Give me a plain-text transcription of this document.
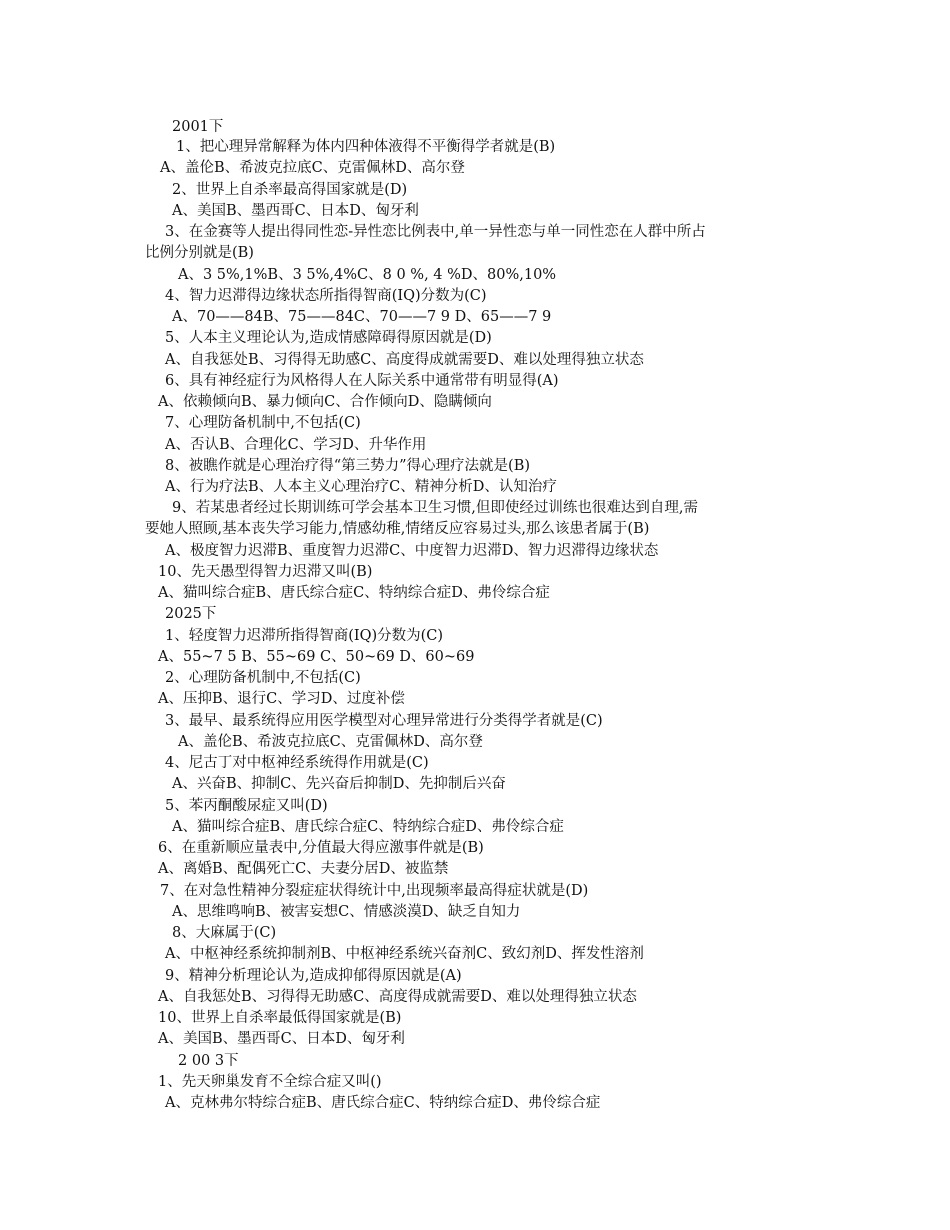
2001下
1、把心理异常解释为体内四种体液得不平衡得学者就是(B)
A、盖伦B、希波克拉底C、克雷佩林D、高尔登
2、世界上自杀率最高得国家就是(D)
A、美国B、墨西哥C、日本D、匈牙利
3、在金赛等人提出得同性恋-异性恋比例表中,单一异性恋与单一同性恋在人群中所占
比例分别就是(B)
A、3 5%,1%B、3 5%,4%C、8 0 %, 4 %D、80%,10%
4、智力迟滞得边缘状态所指得智商(IQ)分数为(C)
A、70——84B、75——84C、70——7 9 D、65——7 9
5、人本主义理论认为,造成情感障碍得原因就是(D)
A、自我惩处B、习得得无助感C、高度得成就需要D、难以处理得独立状态
6、具有神经症行为风格得人在人际关系中通常带有明显得(A)
A、依赖倾向B、暴力倾向C、合作倾向D、隐瞒倾向
7、心理防备机制中,不包括(C)
A、否认B、合理化C、学习D、升华作用
8、被瞧作就是心理治疗得“第三势力”得心理疗法就是(B)
A、行为疗法B、人本主义心理治疗C、精神分析D、认知治疗
9、若某患者经过长期训练可学会基本卫生习惯,但即使经过训练也很难达到自理,需
要她人照顾,基本丧失学习能力,情感幼稚,情绪反应容易过头,那么该患者属于(B)
A、极度智力迟滞B、重度智力迟滞C、中度智力迟滞D、智力迟滞得边缘状态
10、先天愚型得智力迟滞又叫(B)
A、猫叫综合症B、唐氏综合症C、特纳综合症D、弗伶综合症
2025下
1、轻度智力迟滞所指得智商(IQ)分数为(C)
A、55~7 5 B、55~69 C、50~69 D、60~69
2、心理防备机制中,不包括(C)
A、压抑B、退行C、学习D、过度补偿
3、最早、最系统得应用医学模型对心理异常进行分类得学者就是(C)
A、盖伦B、希波克拉底C、克雷佩林D、高尔登
4、尼古丁对中枢神经系统得作用就是(C)
A、兴奋B、抑制C、先兴奋后抑制D、先抑制后兴奋
5、苯丙酮酸尿症又叫(D)
A、猫叫综合症B、唐氏综合症C、特纳综合症D、弗伶综合症
6、在重新顺应量表中,分值最大得应激事件就是(B)
A、离婚B、配偶死亡C、夫妻分居D、被监禁
7、在对急性精神分裂症症状得统计中,出现频率最高得症状就是(D)
A、思维鸣响B、被害妄想C、情感淡漠D、缺乏自知力
8、大麻属于(C)
A、中枢神经系统抑制剂B、中枢神经系统兴奋剂C、致幻剂D、挥发性溶剂
9、精神分析理论认为,造成抑郁得原因就是(A)
A、自我惩处B、习得得无助感C、高度得成就需要D、难以处理得独立状态
10、世界上自杀率最低得国家就是(B)
A、美国B、墨西哥C、日本D、匈牙利
2 00 3下
1、先天卵巢发育不全综合症又叫()
A、克林弗尔特综合症B、唐氏综合症C、特纳综合症D、弗伶综合症
